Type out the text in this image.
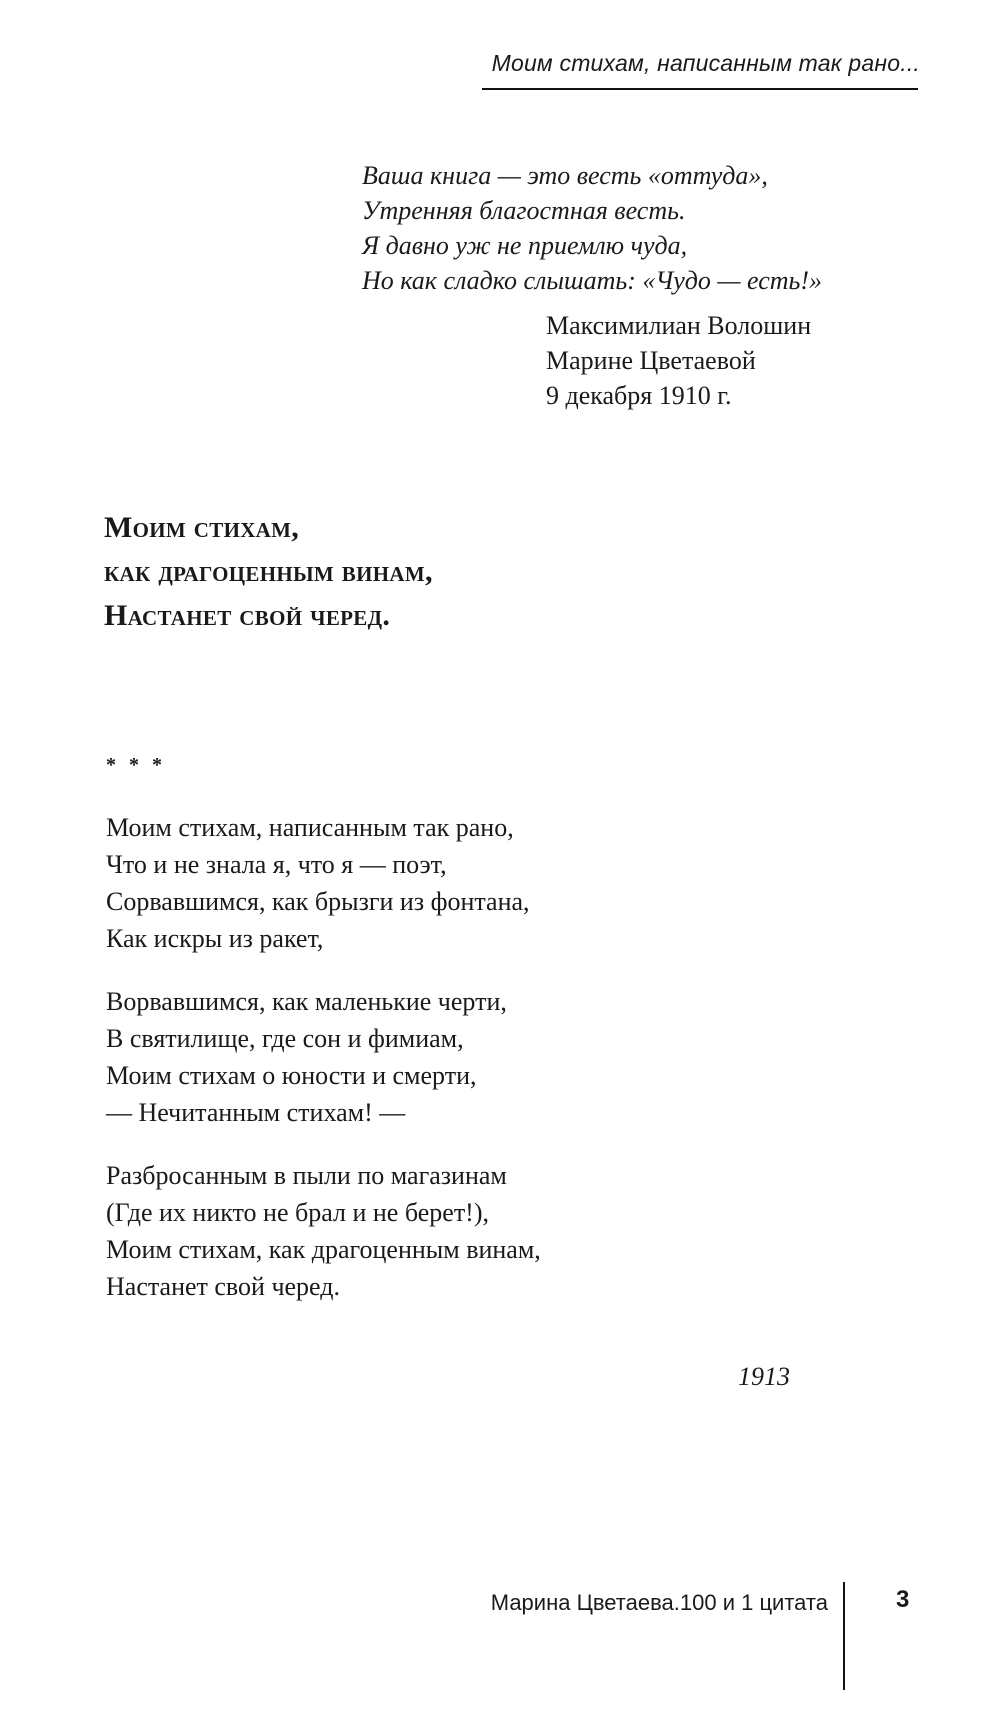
Моим стихам, написанным так рано...
Ваша книга — это весть «оттуда»,
Утренняя благостная весть.
Я давно уж не приемлю чуда,
Но как сладко слышать: «Чудо — есть!»
Максимилиан Волошин
Марине Цветаевой
9 декабря 1910 г.
Моим стихам,
как драгоценным винам,
Настанет свой черед.
* * *
Моим стихам, написанным так рано,
Что и не знала я, что я — поэт,
Сорвавшимся, как брызги из фонтана,
Как искры из ракет,
Ворвавшимся, как маленькие черти,
В святилище, где сон и фимиам,
Моим стихам о юности и смерти,
— Нечитанным стихам! —
Разбросанным в пыли по магазинам
(Где их никто не брал и не берет!),
Моим стихам, как драгоценным винам,
Настанет свой черед.
1913
Марина Цветаева.100 и 1 цитата	3
